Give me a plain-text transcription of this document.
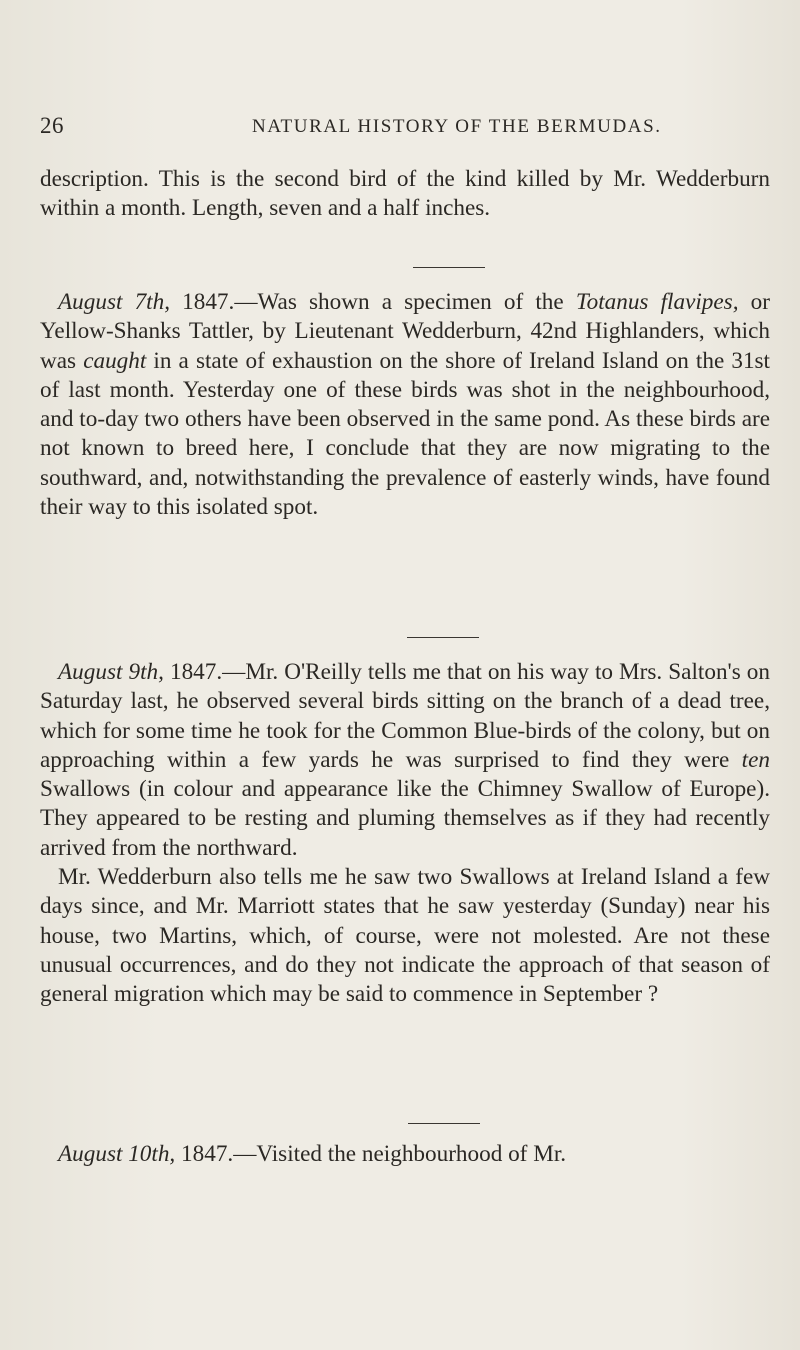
26	NATURAL HISTORY OF THE BERMUDAS.

description. This is the second bird of the kind killed by Mr. Wedderburn within a month. Length, seven and a half inches.

August 7th, 1847.—Was shown a specimen of the Totanus flavipes, or Yellow-Shanks Tattler, by Lieutenant Wedderburn, 42nd Highlanders, which was caught in a state of exhaustion on the shore of Ireland Island on the 31st of last month. Yesterday one of these birds was shot in the neighbourhood, and to-day two others have been observed in the same pond. As these birds are not known to breed here, I conclude that they are now migrating to the southward, and, notwithstanding the prevalence of easterly winds, have found their way to this isolated spot.

August 9th, 1847.—Mr. O'Reilly tells me that on his way to Mrs. Salton's on Saturday last, he observed several birds sitting on the branch of a dead tree, which for some time he took for the Common Blue-birds of the colony, but on approaching within a few yards he was surprised to find they were ten Swallows (in colour and appearance like the Chimney Swallow of Europe). They appeared to be resting and pluming themselves as if they had recently arrived from the northward.

Mr. Wedderburn also tells me he saw two Swallows at Ireland Island a few days since, and Mr. Marriott states that he saw yesterday (Sunday) near his house, two Martins, which, of course, were not molested. Are not these unusual occurrences, and do they not indicate the approach of that season of general migration which may be said to commence in September ?

August 10th, 1847.—Visited the neighbourhood of Mr.
